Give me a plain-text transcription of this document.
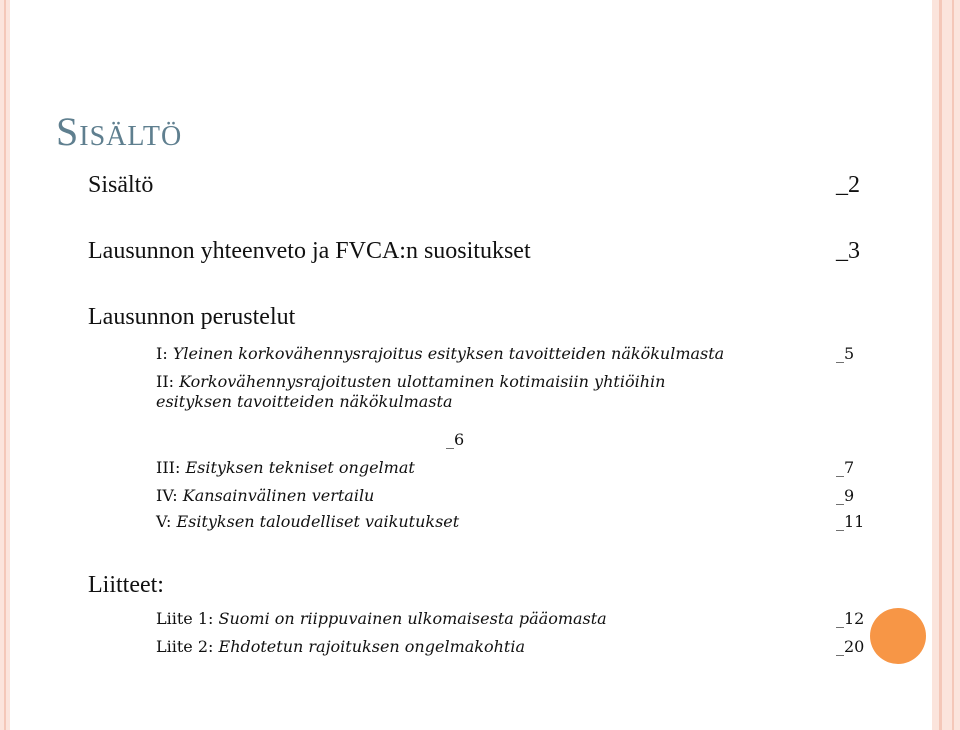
Sisältö
Sisältö	_2
Lausunnon yhteenveto ja FVCA:n suositukset	_3
Lausunnon perustelut
I: Yleinen korkovähennysrajoitus esityksen tavoitteiden näkökulmasta	_5
II: Korkovähennysrajoitusten ulottaminen kotimaisiin yhtiöihin
esityksen tavoitteiden näkökulmasta
_6
III: Esityksen tekniset ongelmat	_7
IV: Kansainvälinen vertailu	_9
V: Esityksen taloudelliset vaikutukset	_11
Liitteet:
Liite 1: Suomi on riippuvainen ulkomaisesta pääomasta	_12
Liite 2: Ehdotetun rajoituksen ongelmakohtia	_20
